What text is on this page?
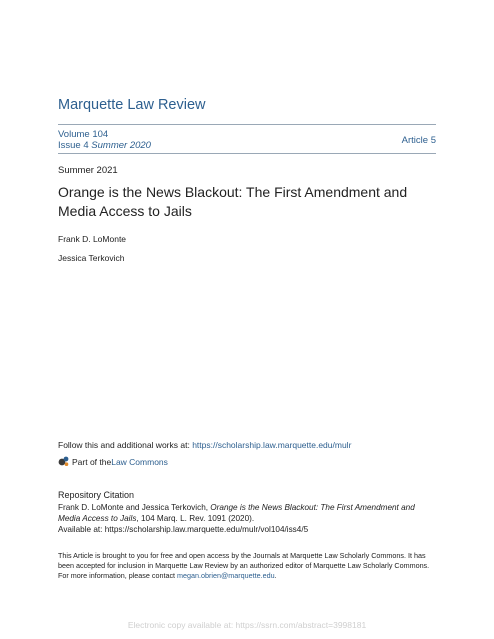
Marquette Law Review
Volume 104
Issue 4 Summer 2020	Article 5
Summer 2021
Orange is the News Blackout: The First Amendment and Media Access to Jails
Frank D. LoMonte
Jessica Terkovich
Follow this and additional works at: https://scholarship.law.marquette.edu/mulr
Part of the Law Commons
Repository Citation
Frank D. LoMonte and Jessica Terkovich, Orange is the News Blackout: The First Amendment and Media Access to Jails, 104 Marq. L. Rev. 1091 (2020).
Available at: https://scholarship.law.marquette.edu/mulr/vol104/iss4/5
This Article is brought to you for free and open access by the Journals at Marquette Law Scholarly Commons. It has been accepted for inclusion in Marquette Law Review by an authorized editor of Marquette Law Scholarly Commons. For more information, please contact megan.obrien@marquette.edu.
Electronic copy available at: https://ssrn.com/abstract=3998181
